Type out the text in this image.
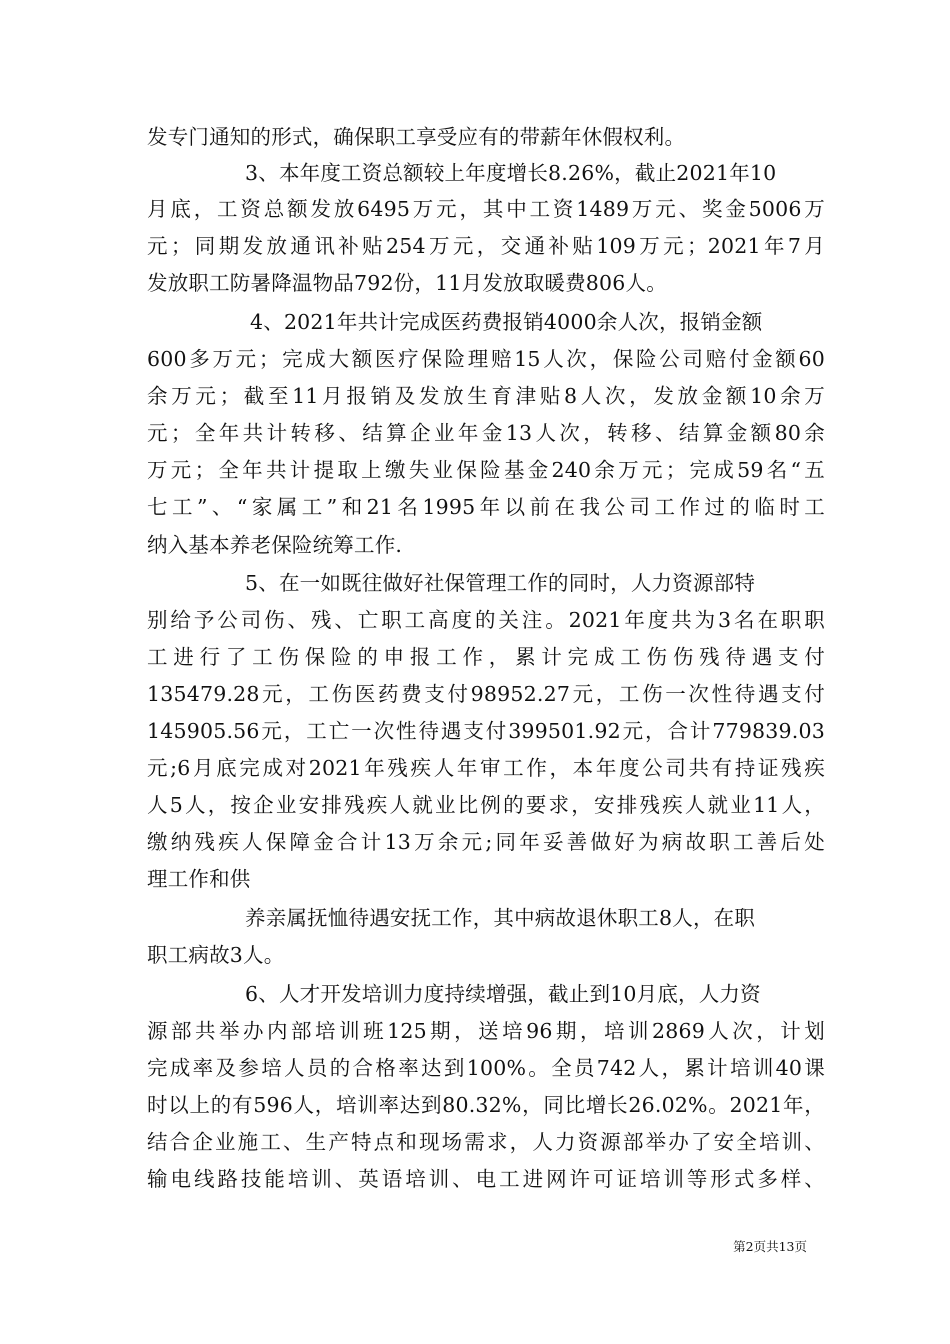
发专门通知的形式，确保职工享受应有的带薪年休假权利。
3、本年度工资总额较上年度增长8.26%，截止2021年10
月底，工资总额发放6495万元，其中工资1489万元、奖金5006万
元；同期发放通讯补贴254万元，交通补贴109万元；2021年7月
发放职工防暑降温物品792份，11月发放取暖费806人。
4、2021年共计完成医药费报销4000余人次，报销金额
600多万元；完成大额医疗保险理赔15人次，保险公司赔付金额60
余万元；截至11月报销及发放生育津贴8人次，发放金额10余万
元；全年共计转移、结算企业年金13人次，转移、结算金额80余
万元；全年共计提取上缴失业保险基金240余万元；完成59名“五
七工”、“家属工”和21名1995年以前在我公司工作过的临时工
纳入基本养老保险统筹工作.
5、在一如既往做好社保管理工作的同时，人力资源部特
别给予公司伤、残、亡职工高度的关注。2021年度共为3名在职职
工进行了工伤保险的申报工作，累计完成工伤伤残待遇支付
135479.28元，工伤医药费支付98952.27元，工伤一次性待遇支付
145905.56元，工亡一次性待遇支付399501.92元，合计779839.03
元;6月底完成对2021年残疾人年审工作，本年度公司共有持证残疾
人5人，按企业安排残疾人就业比例的要求，安排残疾人就业11人，
缴纳残疾人保障金合计13万余元;同年妥善做好为病故职工善后处
理工作和供
养亲属抚恤待遇安抚工作，其中病故退休职工8人，在职
职工病故3人。
6、人才开发培训力度持续增强，截止到10月底，人力资
源部共举办内部培训班125期，送培96期，培训2869人次，计划
完成率及参培人员的合格率达到100%。全员742人，累计培训40课
时以上的有596人，培训率达到80.32%，同比增长26.02%。2021年，
结合企业施工、生产特点和现场需求，人力资源部举办了安全培训、
输电线路技能培训、英语培训、电工进网许可证培训等形式多样、
第2页共13页
